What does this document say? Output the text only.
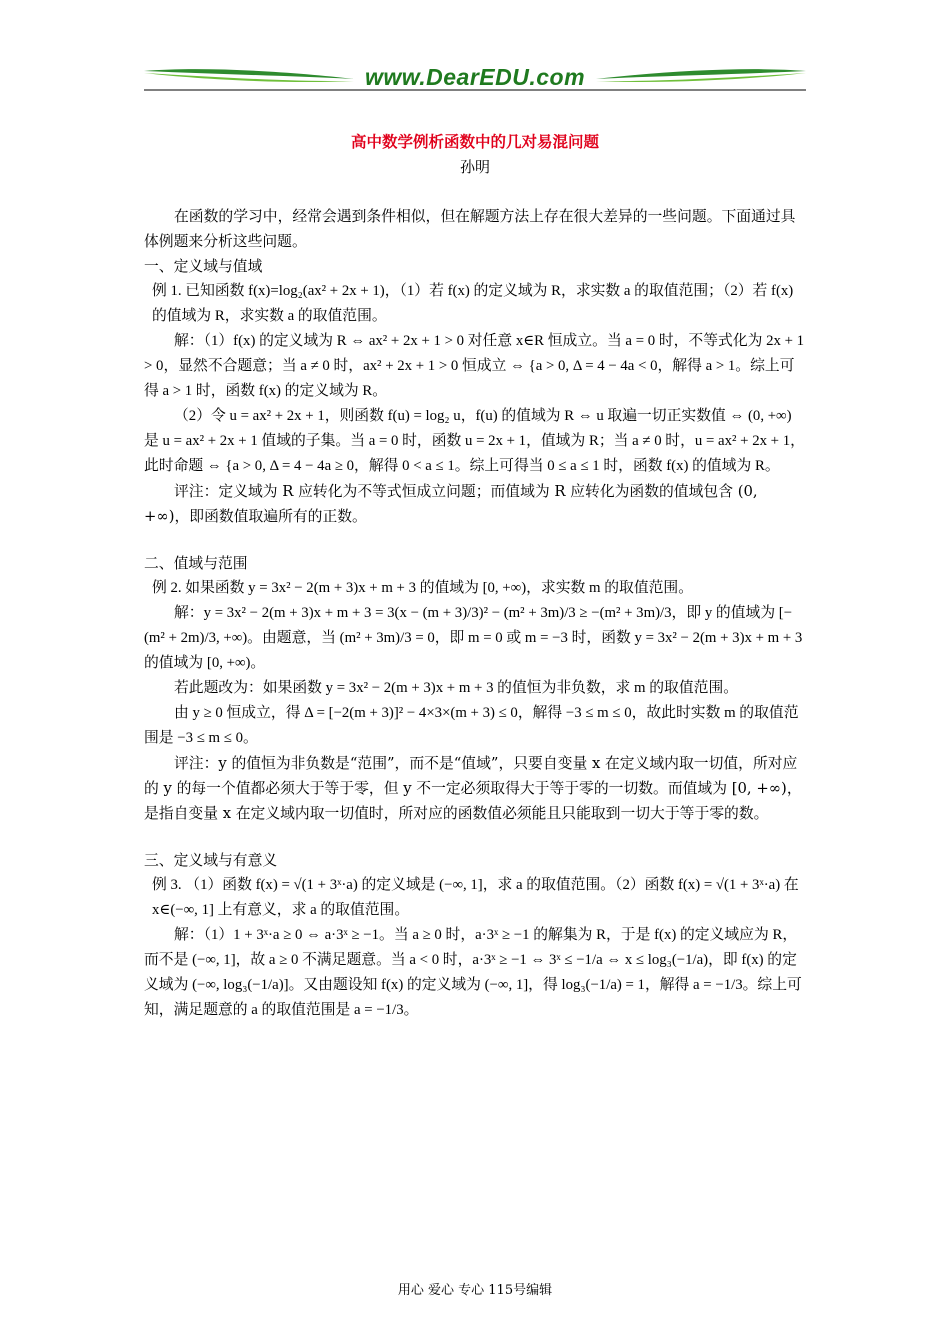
www.DearEDU.com
高中数学例析函数中的几对易混问题
孙明

在函数的学习中，经常会遇到条件相似，但在解题方法上存在很大差异的一些问题。下面通过具体例题来分析这些问题。

一、定义域与值域

例 1. 已知函数 f(x)=log₂(ax² + 2x + 1)，（1）若 f(x) 的定义域为 R，求实数 a 的取值范围；（2）若 f(x) 的值域为 R，求实数 a 的取值范围。

解：（1）f(x) 的定义域为 R ⇔ ax² + 2x + 1 > 0 对任意 x∈R 恒成立。当 a = 0 时，不等式化为 2x + 1 > 0，显然不合题意；当 a ≠ 0 时，ax² + 2x + 1 > 0 恒成立 ⇔ {a > 0, Δ = 4 − 4a < 0，解得 a > 1。综上可得 a > 1 时，函数 f(x) 的定义域为 R。

（2）令 u = ax² + 2x + 1，则函数 f(u) = log₂ u，f(u) 的值域为 R ⇔ u 取遍一切正实数值 ⇔ (0, +∞) 是 u = ax² + 2x + 1 值域的子集。当 a = 0 时，函数 u = 2x + 1，值域为 R；当 a ≠ 0 时，u = ax² + 2x + 1，此时命题 ⇔ {a > 0, Δ = 4 − 4a ≥ 0，解得 0 < a ≤ 1。综上可得当 0 ≤ a ≤ 1 时，函数 f(x) 的值域为 R。

评注：定义域为 R 应转化为不等式恒成立问题；而值域为 R 应转化为函数的值域包含 (0, +∞)，即函数值取遍所有的正数。

二、值域与范围

例 2. 如果函数 y = 3x² − 2(m + 3)x + m + 3 的值域为 [0, +∞)，求实数 m 的取值范围。

解：y = 3x² − 2(m + 3)x + m + 3 = 3(x − (m + 3)/3)² − (m² + 3m)/3 ≥ −(m² + 3m)/3，即 y 的值域为 [−(m² + 2m)/3, +∞)。由题意，当 (m² + 3m)/3 = 0，即 m = 0 或 m = −3 时，函数 y = 3x² − 2(m + 3)x + m + 3 的值域为 [0, +∞)。

若此题改为：如果函数 y = 3x² − 2(m + 3)x + m + 3 的值恒为非负数，求 m 的取值范围。

由 y ≥ 0 恒成立，得 Δ = [−2(m + 3)]² − 4×3×(m + 3) ≤ 0，解得 −3 ≤ m ≤ 0，故此时实数 m 的取值范围是 −3 ≤ m ≤ 0。

评注：y 的值恒为非负数是“范围”，而不是“值域”，只要自变量 x 在定义域内取一切值，所对应的 y 的每一个值都必须大于等于零，但 y 不一定必须取得大于等于零的一切数。而值域为 [0, +∞)，是指自变量 x 在定义域内取一切值时，所对应的函数值必须能且只能取到一切大于等于零的数。

三、定义域与有意义

例 3. （1）函数 f(x) = √(1 + 3ˣ·a) 的定义域是 (−∞, 1]，求 a 的取值范围。（2）函数 f(x) = √(1 + 3ˣ·a) 在 x∈(−∞, 1] 上有意义，求 a 的取值范围。

解：（1）1 + 3ˣ·a ≥ 0 ⇔ a·3ˣ ≥ −1。当 a ≥ 0 时，a·3ˣ ≥ −1 的解集为 R，于是 f(x) 的定义域应为 R，而不是 (−∞, 1]，故 a ≥ 0 不满足题意。当 a < 0 时，a·3ˣ ≥ −1 ⇔ 3ˣ ≤ −1/a ⇔ x ≤ log₃(−1/a)，即 f(x) 的定义域为 (−∞, log₃(−1/a)]。又由题设知 f(x) 的定义域为 (−∞, 1]，得 log₃(−1/a) = 1，解得 a = −1/3。综上可知，满足题意的 a 的取值范围是 a = −1/3。

用心 爱心 专心 115号编辑
